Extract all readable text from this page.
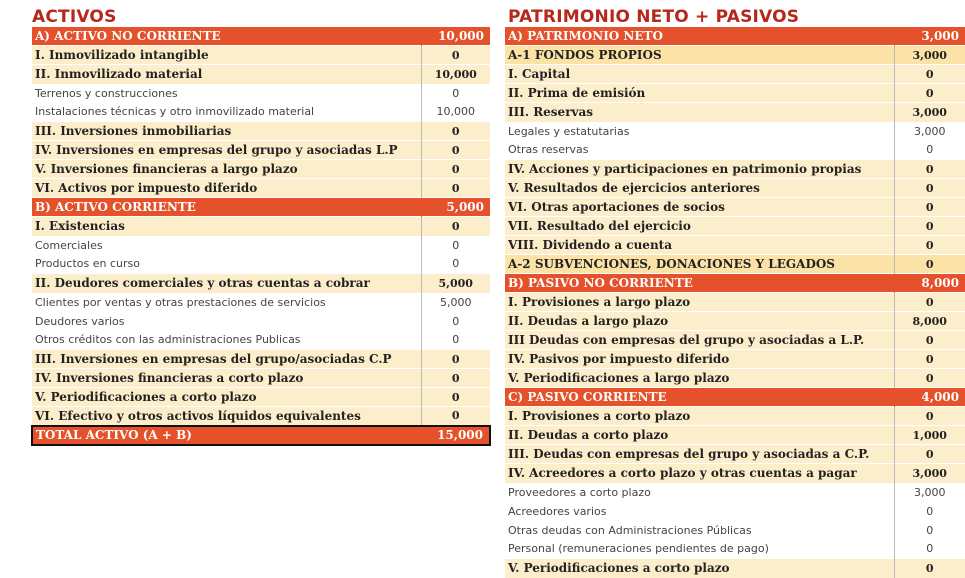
ACTIVOS
A) ACTIVO NO CORRIENTE	10,000
I. Inmovilizado intangible	0
II. Inmovilizado material	10,000
Terrenos y construcciones	0
Instalaciones técnicas y otro inmovilizado material	10,000
III. Inversiones inmobiliarias	0
IV. Inversiones en empresas del grupo y asociadas L.P	0
V. Inversiones financieras a largo plazo	0
VI. Activos por impuesto diferido	0
B) ACTIVO CORRIENTE	5,000
I. Existencias	0
Comerciales	0
Productos en curso	0
II. Deudores comerciales y otras cuentas a cobrar	5,000
Clientes por ventas y otras prestaciones de servicios	5,000
Deudores varios	0
Otros créditos con las administraciones Publicas	0
III. Inversiones en empresas del grupo/asociadas C.P	0
IV. Inversiones financieras a corto plazo	0
V. Periodificaciones a corto plazo	0
VI. Efectivo y otros activos líquidos equivalentes	0
TOTAL ACTIVO (A + B)	15,000
PATRIMONIO NETO + PASIVOS
A) PATRIMONIO NETO	3,000
A-1 FONDOS PROPIOS	3,000
I. Capital	0
II. Prima de emisión	0
III. Reservas	3,000
Legales y estatutarias	3,000
Otras reservas	0
IV. Acciones y participaciones en patrimonio propias	0
V. Resultados de ejercicios anteriores	0
VI. Otras aportaciones de socios	0
VII. Resultado del ejercicio	0
VIII. Dividendo a cuenta	0
A-2 SUBVENCIONES, DONACIONES Y LEGADOS	0
B) PASIVO NO CORRIENTE	8,000
I. Provisiones a largo plazo	0
II. Deudas a largo plazo	8,000
III Deudas con empresas del grupo y asociadas a L.P.	0
IV. Pasivos por impuesto diferido	0
V. Periodificaciones a largo plazo	0
C) PASIVO CORRIENTE	4,000
I. Provisiones a corto plazo	0
II. Deudas a corto plazo	1,000
III. Deudas con empresas del grupo y asociadas a C.P.	0
IV. Acreedores a corto plazo y otras cuentas a pagar	3,000
Proveedores a corto plazo	3,000
Acreedores varios	0
Otras deudas con Administraciones Públicas	0
Personal (remuneraciones pendientes de pago)	0
V. Periodificaciones a corto plazo	0
